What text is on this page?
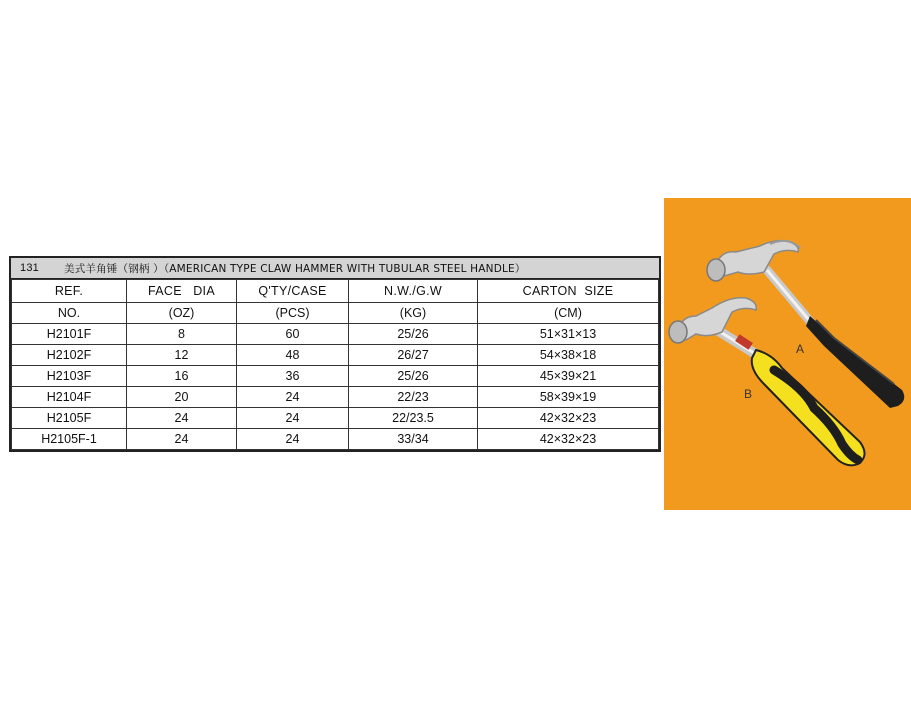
131	美式羊角锤（钢柄 ）（AMERICAN TYPE CLAW HAMMER WITH TUBULAR STEEL HANDLE）
REF.	FACE   DIA	Q'TY/CASE	N.W./G.W	CARTON  SIZE
NO.	(OZ)	(PCS)	(KG)	(CM)
H2101F	8	60	25/26	51×31×13
H2102F	12	48	26/27	54×38×18
H2103F	16	36	25/26	45×39×21
H2104F	20	24	22/23	58×39×19
H2105F	24	24	22/23.5	42×32×23
H2105F-1	24	24	33/34	42×32×23
A
B
